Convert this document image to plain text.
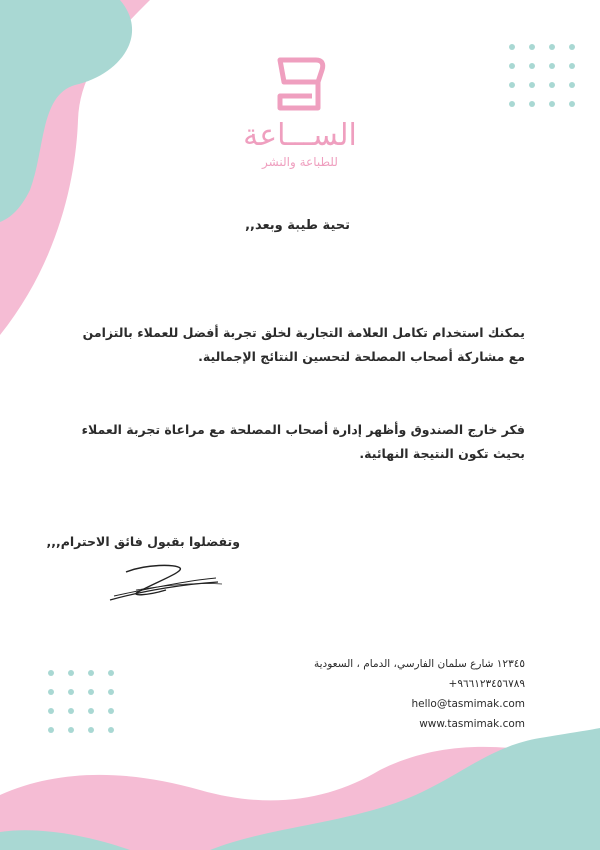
الســـاعة
للطباعة والنشر
تحية طيبة وبعد,,
يمكنك استخدام تكامل العلامة التجارية لخلق تجربة أفضل للعملاء بالتزامن
مع مشاركة أصحاب المصلحة لتحسين النتائج الإجمالية.
فكر خارج الصندوق وأظهر إدارة أصحاب المصلحة مع مراعاة تجربة العملاء
بحيث تكون النتيجة النهائية.
وتفضلوا بقبول فائق الاحترام,,,
١٢٣٤٥ شارع سلمان الفارسي، الدمام ، السعودية
+٩٦٦١٢٣٤٥٦٧٨٩
hello@tasmimak.com
www.tasmimak.com
